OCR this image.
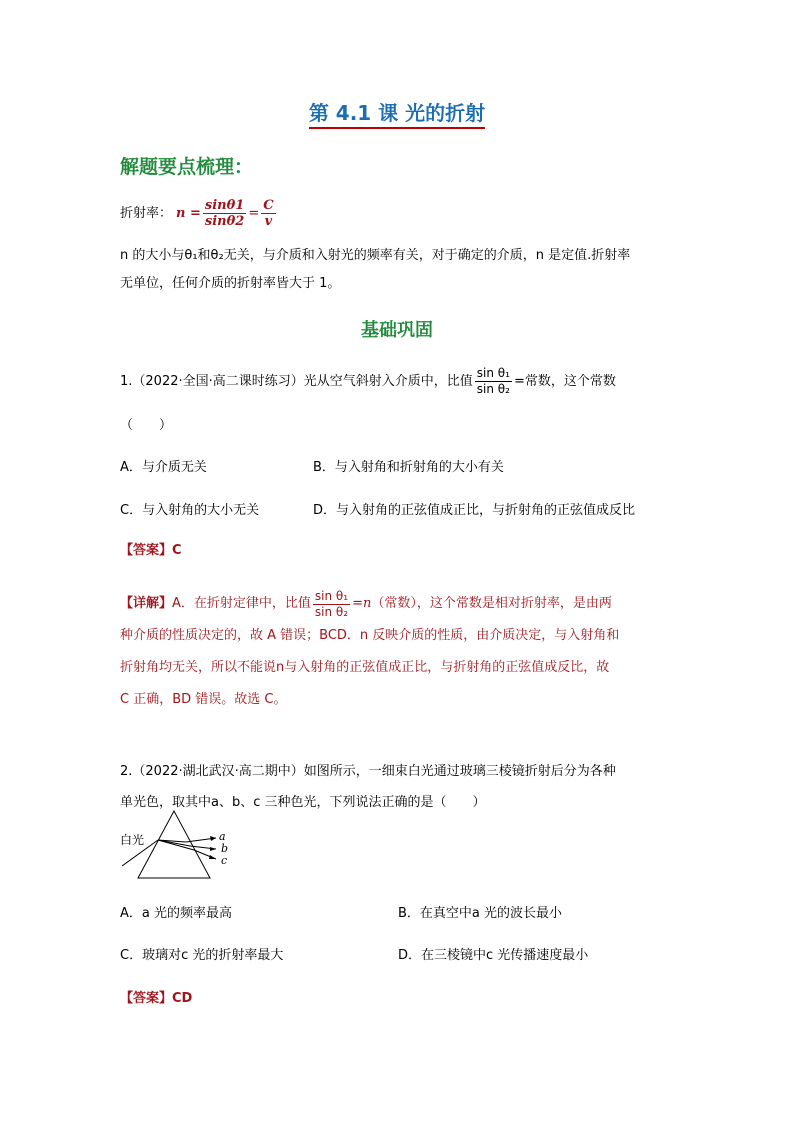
第 4.1 课 光的折射
解题要点梳理：
折射率： $n = \frac{\sin\theta 1}{\sin\theta 2} = \frac{C}{v}$
n 的大小与θ₁和θ₂无关，与介质和入射光的频率有关，对于确定的介质，n 是定值.折射率
无单位，任何介质的折射率皆大于 1。
基础巩固
1.（2022·全国·高二课时练习）光从空气斜射入介质中，比值 $\frac{\text{sin θ₁}}{\text{sin θ₂}}$ =常数，这个常数
（　　）
A．与介质无关	B．与入射角和折射角的大小有关
C．与入射角的大小无关	D．与入射角的正弦值成正比，与折射角的正弦值成反比
【答案】C
【详解】 A．在折射定律中，比值 $\frac{\text{sin θ₁}}{\text{sin θ₂}} = n$ （常数），这个常数是相对折射率，是由两
种介质的性质决定的，故 A 错误；BCD．n 反映介质的性质，由介质决定，与入射角和
折射角均无关，所以不能说n与入射角的正弦值成正比，与折射角的正弦值成反比，故
C 正确，BD 错误。故选 C。
2.（2022·湖北武汉·高二期中）如图所示，一细束白光通过玻璃三棱镜折射后分为各种
单光色，取其中a、b、c 三种色光，下列说法正确的是（　　）
白光	a
b
c
A．a 光的频率最高	B．在真空中a 光的波长最小
C．玻璃对c 光的折射率最大	D．在三棱镜中c 光传播速度最小
【答案】CD
